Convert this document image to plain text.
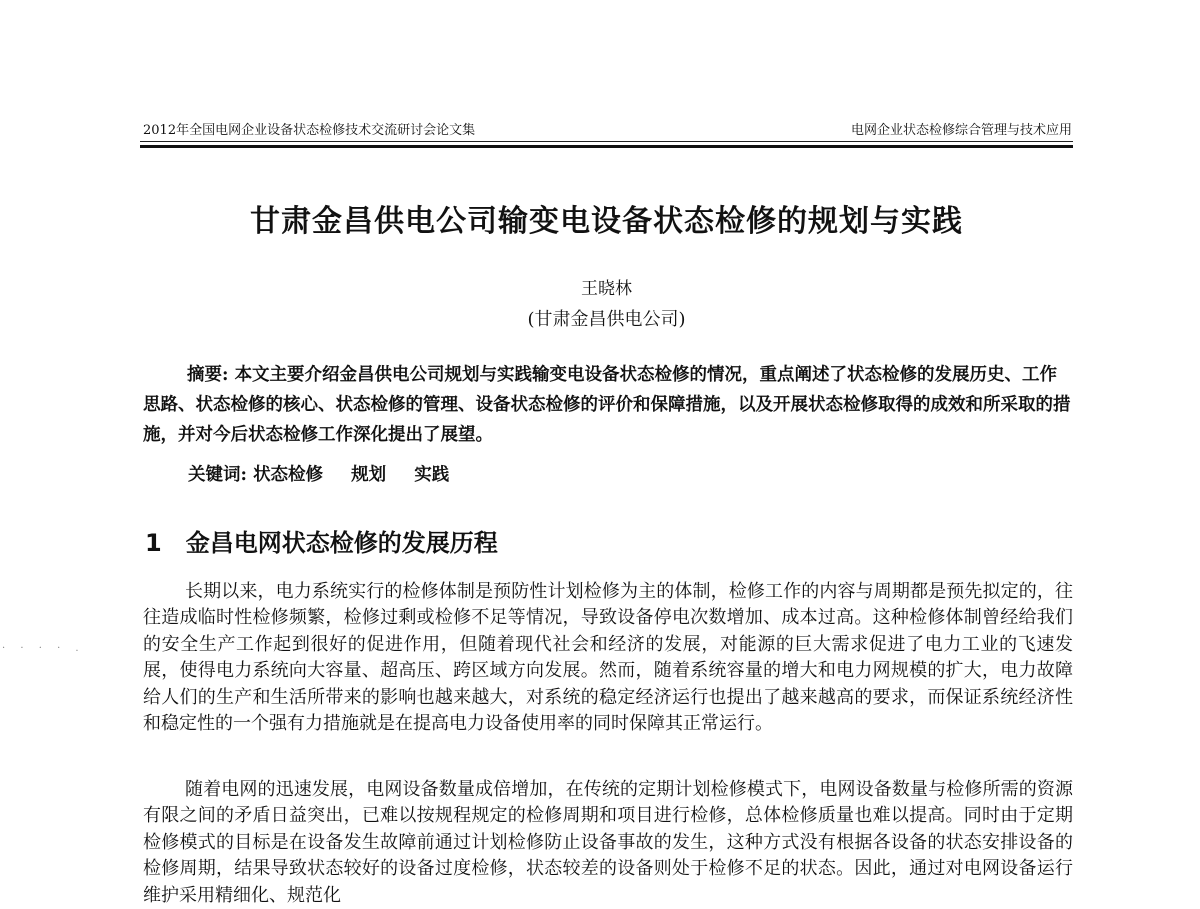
2012年全国电网企业设备状态检修技术交流研讨会论文集	电网企业状态检修综合管理与技术应用
甘肃金昌供电公司输变电设备状态检修的规划与实践
王晓林
(甘肃金昌供电公司)

摘要: 本文主要介绍金昌供电公司规划与实践输变电设备状态检修的情况，重点阐述了状态检修的发展历史、工作思路、状态检修的核心、状态检修的管理、设备状态检修的评价和保障措施，以及开展状态检修取得的成效和所采取的措施，并对今后状态检修工作深化提出了展望。

关键词: 状态检修 规划 实践
1 金昌电网状态检修的发展历程
· · · · .

长期以来，电力系统实行的检修体制是预防性计划检修为主的体制，检修工作的内容与周期都是预先拟定的，往往造成临时性检修频繁，检修过剩或检修不足等情况，导致设备停电次数增加、成本过高。这种检修体制曾经给我们的安全生产工作起到很好的促进作用，但随着现代社会和经济的发展，对能源的巨大需求促进了电力工业的飞速发展，使得电力系统向大容量、超高压、跨区域方向发展。然而，随着系统容量的增大和电力网规模的扩大，电力故障给人们的生产和生活所带来的影响也越来越大，对系统的稳定经济运行也提出了越来越高的要求，而保证系统经济性和稳定性的一个强有力措施就是在提高电力设备使用率的同时保障其正常运行。

随着电网的迅速发展，电网设备数量成倍增加，在传统的定期计划检修模式下，电网设备数量与检修所需的资源有限之间的矛盾日益突出，已难以按规程规定的检修周期和项目进行检修，总体检修质量也难以提高。同时由于定期检修模式的目标是在设备发生故障前通过计划检修防止设备事故的发生，这种方式没有根据各设备的状态安排设备的检修周期，结果导致状态较好的设备过度检修，状态较差的设备则处于检修不足的状态。因此，通过对电网设备运行维护采用精细化、规范化
